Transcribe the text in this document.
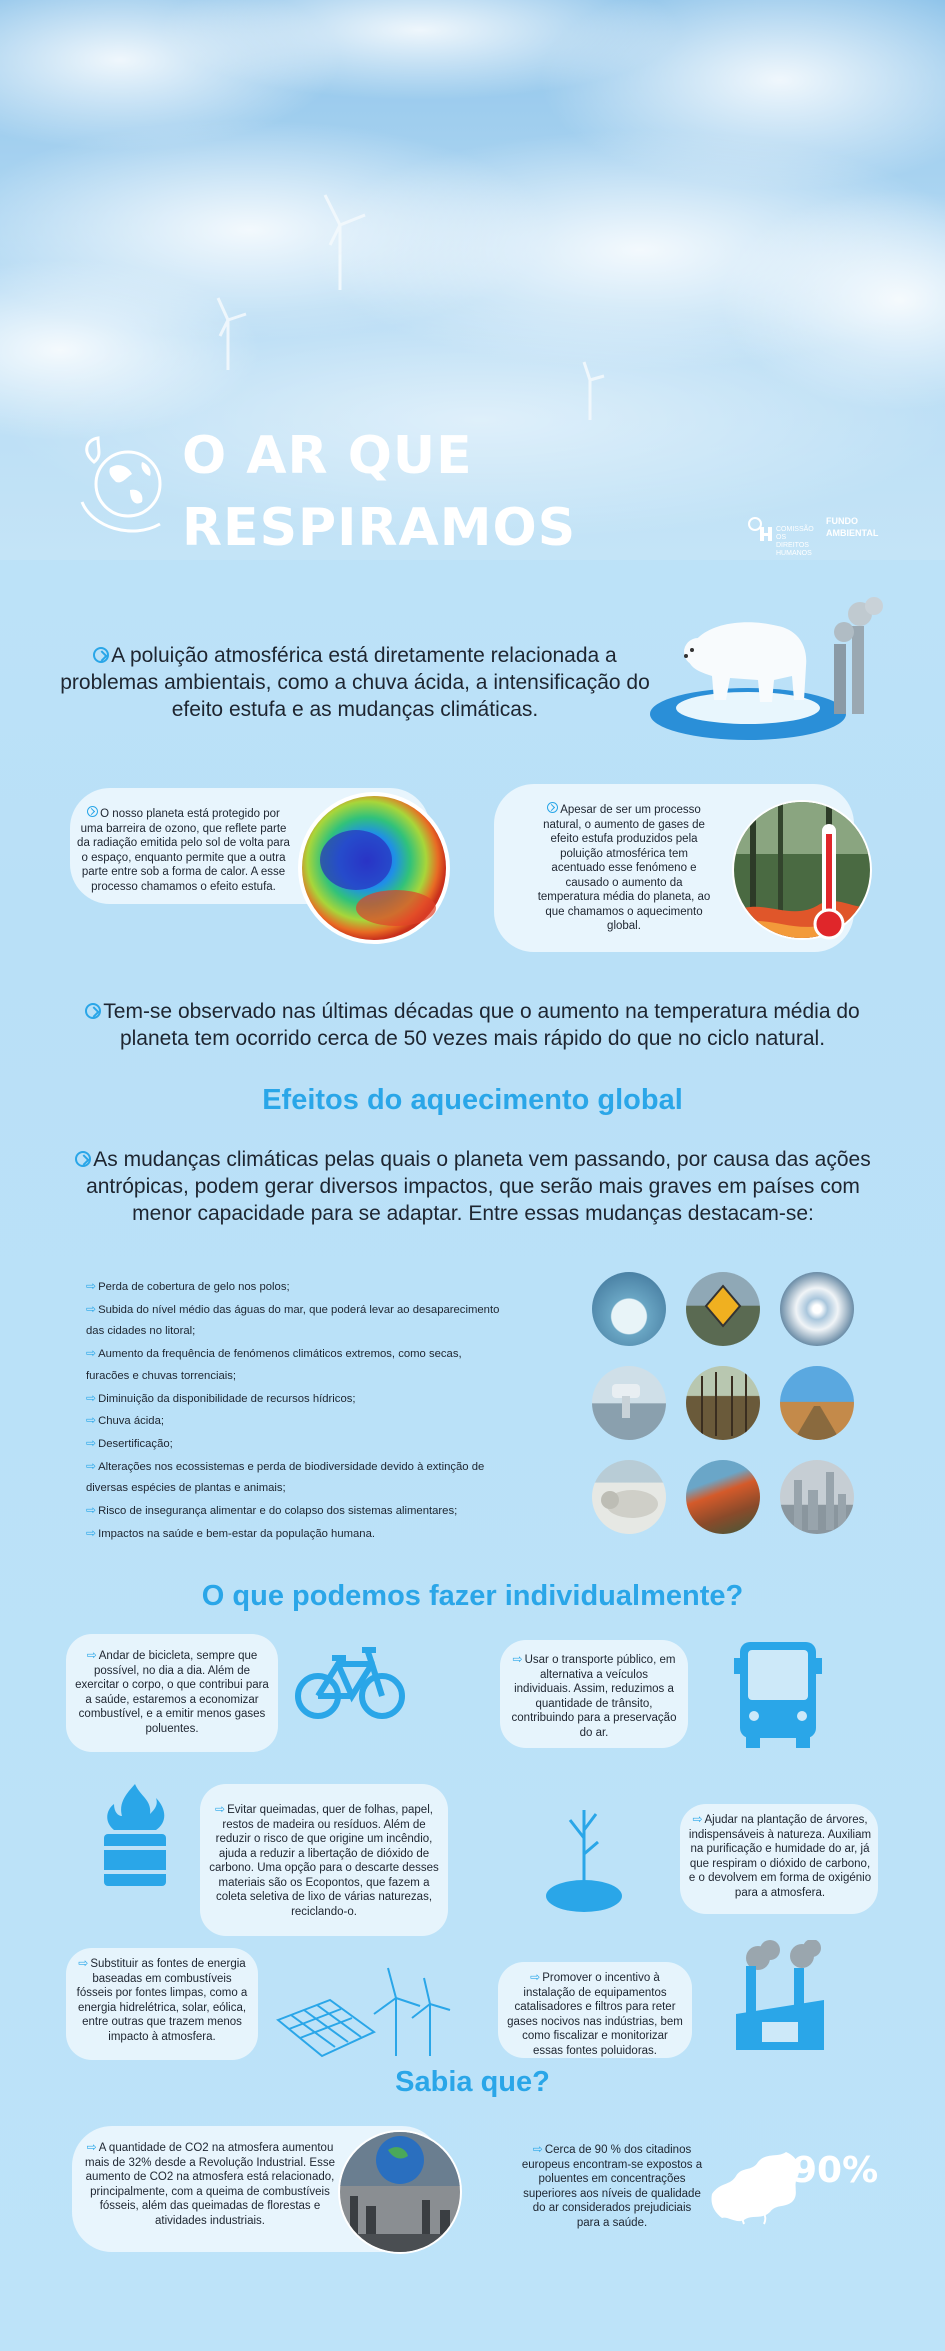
O AR QUE
RESPIRAMOS	COMISSÃO OS DIREITOS HUMANOS
FUNDO
AMBIENTAL
A poluição atmosférica está diretamente relacionada a problemas ambientais, como a chuva ácida, a intensificação do efeito estufa e as mudanças climáticas.
O nosso planeta está protegido por uma barreira de ozono, que reflete parte da radiação emitida pelo sol de volta para o espaço, enquanto permite que a outra parte entre sob a forma de calor. A esse processo chamamos o efeito estufa.
Apesar de ser um processo natural, o aumento de gases de efeito estufa produzidos pela poluição atmosférica tem acentuado esse fenómeno e causado o aumento da temperatura média do planeta, ao que chamamos o aquecimento global.
Tem-se observado nas últimas décadas que o aumento na temperatura média do planeta tem ocorrido cerca de 50 vezes mais rápido do que no ciclo natural.
Efeitos do aquecimento global
As mudanças climáticas pelas quais o planeta vem passando, por causa das ações antrópicas, podem gerar diversos impactos, que serão mais graves em países com menor capacidade para se adaptar. Entre essas mudanças destacam-se:
⇨ Perda de cobertura de gelo nos polos;
⇨ Subida do nível médio das águas do mar, que poderá levar ao desaparecimento
das cidades no litoral;
⇨ Aumento da frequência de fenómenos climáticos extremos, como secas,
furacões e chuvas torrenciais;
⇨ Diminuição da disponibilidade de recursos hídricos;
⇨ Chuva ácida;
⇨ Desertificação;
⇨ Alterações nos ecossistemas e perda de biodiversidade devido à extinção de
diversas espécies de plantas e animais;
⇨ Risco de insegurança alimentar e do colapso dos sistemas alimentares;
⇨ Impactos na saúde e bem-estar da população humana.
O que podemos fazer individualmente?
⇨ Andar de bicicleta, sempre que possível, no dia a dia. Além de exercitar o corpo, o que contribui para a saúde, estaremos a economizar combustível, e a emitir menos gases poluentes.
⇨ Usar o transporte público, em alternativa a veículos individuais. Assim, reduzimos a quantidade de trânsito, contribuindo para a preservação do ar.
⇨ Evitar queimadas, quer de folhas, papel, restos de madeira ou resíduos. Além de reduzir o risco de que origine um incêndio, ajuda a reduzir a libertação de dióxido de carbono. Uma opção para o descarte desses materiais são os Ecopontos, que fazem a coleta seletiva de lixo de várias naturezas, reciclando-o.
⇨ Ajudar na plantação de árvores, indispensáveis à natureza. Auxiliam na purificação e humidade do ar, já que respiram o dióxido de carbono, e o devolvem em forma de oxigénio para a atmosfera.
⇨ Substituir as fontes de energia baseadas em combustíveis fósseis por fontes limpas, como a energia hidrelétrica, solar, eólica, entre outras que trazem menos impacto à atmosfera.
⇨ Promover o incentivo à instalação de equipamentos catalisadores e filtros para reter gases nocivos nas indústrias, bem como fiscalizar e monitorizar essas fontes poluidoras.
Sabia que?
⇨ A quantidade de CO2 na atmosfera aumentou mais de 32% desde a Revolução Industrial. Esse aumento de CO2 na atmosfera está relacionado, principalmente, com a queima de combustíveis fósseis, além das queimadas de florestas e atividades industriais.
⇨ Cerca de 90 % dos citadinos europeus encontram-se expostos a poluentes em concentrações superiores aos níveis de qualidade do ar considerados prejudiciais para a saúde.
90%
